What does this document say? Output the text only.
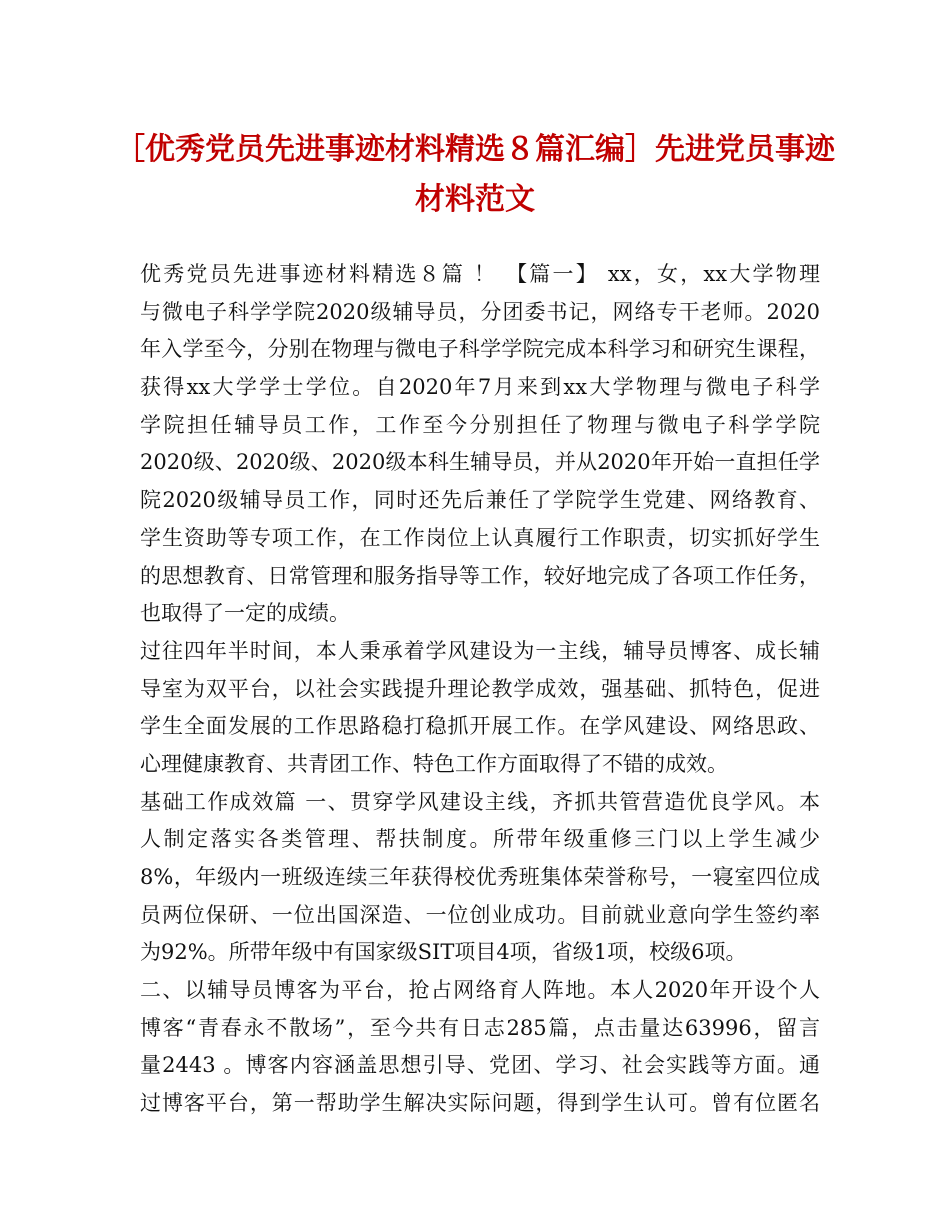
［优秀党员先进事迹材料精选８篇汇编］先进党员事迹
材料范文
优秀党员先进事迹材料精选８篇 ！ 【篇一】 xx，女，xx大学物理
与微电子科学学院2020级辅导员，分团委书记，网络专干老师。2020
年入学至今，分别在物理与微电子科学学院完成本科学习和研究生课程，
获得xx大学学士学位。自2020年7月来到xx大学物理与微电子科学
学院担任辅导员工作，工作至今分别担任了物理与微电子科学学院
2020级、2020级、2020级本科生辅导员，并从2020年开始一直担任学
院2020级辅导员工作，同时还先后兼任了学院学生党建、网络教育、
学生资助等专项工作，在工作岗位上认真履行工作职责，切实抓好学生
的思想教育、日常管理和服务指导等工作，较好地完成了各项工作任务，
也取得了一定的成绩。
过往四年半时间，本人秉承着学风建设为一主线，辅导员博客、成长辅
导室为双平台，以社会实践提升理论教学成效，强基础、抓特色，促进
学生全面发展的工作思路稳打稳抓开展工作。在学风建设、网络思政、
心理健康教育、共青团工作、特色工作方面取得了不错的成效。
基础工作成效篇 一、贯穿学风建设主线，齐抓共管营造优良学风。本
人制定落实各类管理、帮扶制度。所带年级重修三门以上学生减少
8%，年级内一班级连续三年获得校优秀班集体荣誉称号，一寝室四位成
员两位保研、一位出国深造、一位创业成功。目前就业意向学生签约率
为92%。所带年级中有国家级SIT项目4项，省级1项，校级6项。
二、以辅导员博客为平台，抢占网络育人阵地。本人2020年开设个人
博客“青春永不散场”，至今共有日志285篇，点击量达63996，留言
量2443 。博客内容涵盖思想引导、党团、学习、社会实践等方面。通
过博客平台，第一帮助学生解决实际问题，得到学生认可。曾有位匿名
